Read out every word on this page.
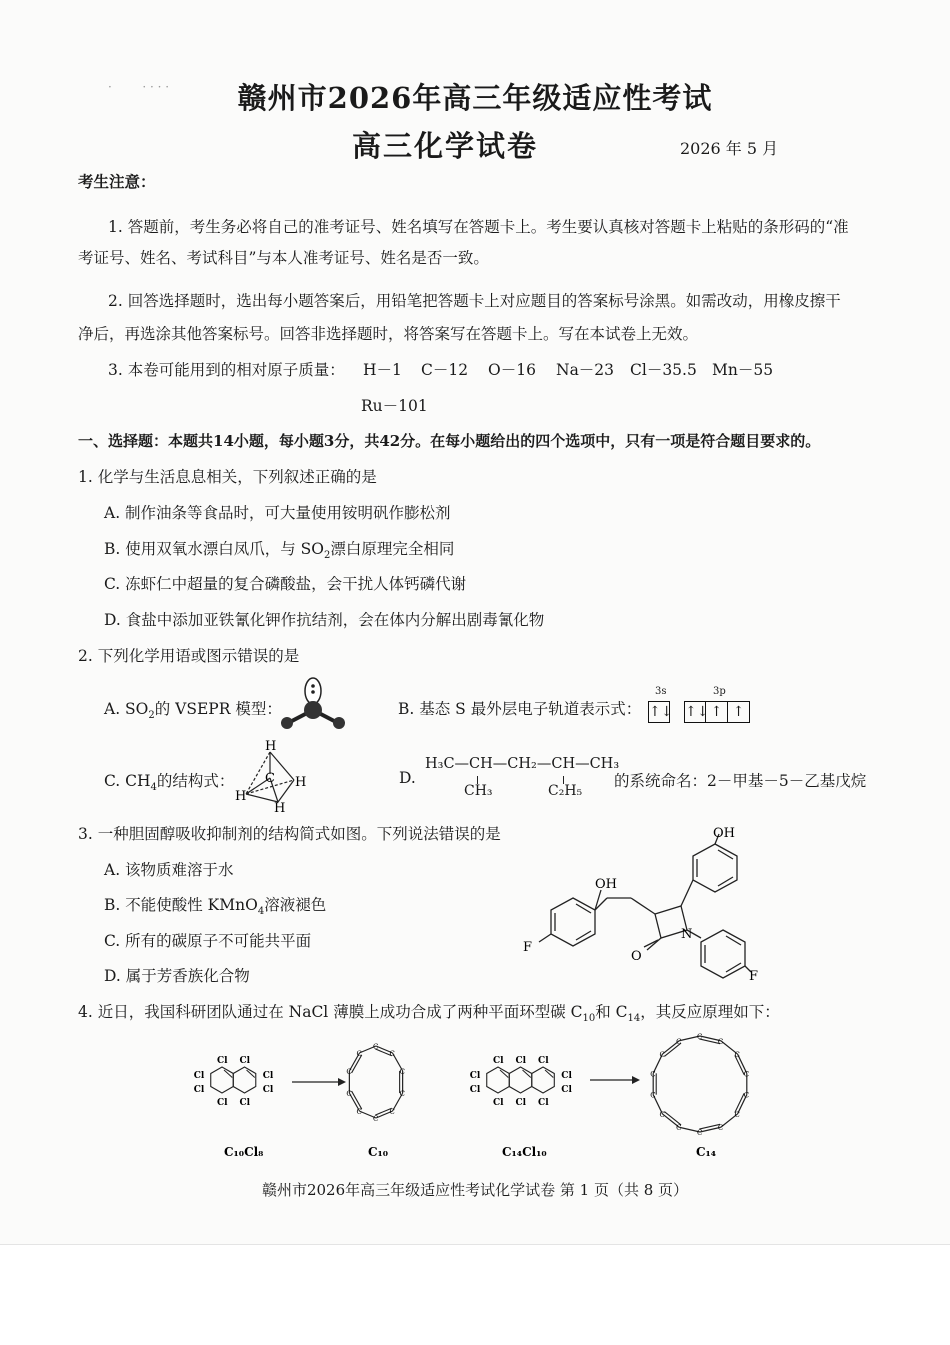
·        · · · ·	赣州市2026年高三年级适应性考试
高三化学试卷	2026 年 5 月
考生注意：
1. 答题前，考生务必将自己的准考证号、姓名填写在答题卡上。考生要认真核对答题卡上粘贴的条形码的“准
考证号、姓名、考试科目”与本人准考证号、姓名是否一致。
2. 回答选择题时，选出每小题答案后，用铅笔把答题卡上对应题目的答案标号涂黑。如需改动，用橡皮擦干
净后，再选涂其他答案标号。回答非选择题时，将答案写在答题卡上。写在本试卷上无效。
3. 本卷可能用到的相对原子质量： H－1 C－12 O－16 Na－23 Cl－35.5 Mn－55
Ru－101
一、选择题：本题共14小题，每小题3分，共42分。在每小题给出的四个选项中，只有一项是符合题目要求的。
1. 化学与生活息息相关，下列叙述正确的是
A. 制作油条等食品时，可大量使用铵明矾作膨松剂
B. 使用双氧水漂白凤爪，与 $SO_2$漂白原理完全相同
C. 冻虾仁中超量的复合磷酸盐，会干扰人体钙磷代谢
D. 食盐中添加亚铁氰化钾作抗结剂，会在体内分解出剧毒氰化物
2. 下列化学用语或图示错误的是
A. $SO_2$的 VSEPR 模型：	B. 基态 S 最外层电子轨道表示式：
3s	3p
↑↓ ↑↓ ↑ ↑
C. $CH_4$的结构式：
H
C H
H
H
D.
H₃C—CH—CH₂—CH—CH₃
CH₃	C₂H₅
的系统命名：2－甲基－5－乙基戊烷
3. 一种胆固醇吸收抑制剂的结构简式如图。下列说法错误的是
A. 该物质难溶于水
B. 不能使酸性 KMnO$_4$溶液褪色
C. 所有的碳原子不可能共平面
D. 属于芳香族化合物
OH
OH
F
N
O
F
4. 近日，我国科研团队通过在 NaCl 薄膜上成功合成了两种平面环型碳 $C_{10}$和 $C_{14}$，其反应原理如下：
Cl
Cl
Cl
Cl
Cl
Cl
Cl
Cl
Cl
Cl
Cl
Cl
Cl
Cl
Cl
Cl
Cl
Cl
C
C
C
C
C
C
C
C
C
C
C
C
C
C
C
C
C
C
C
C
C
C
C
C
C₁₀Cl₈	C₁₀	C₁₄Cl₁₀	C₁₄
赣州市2026年高三年级适应性考试化学试卷 第 1 页（共 8 页）
